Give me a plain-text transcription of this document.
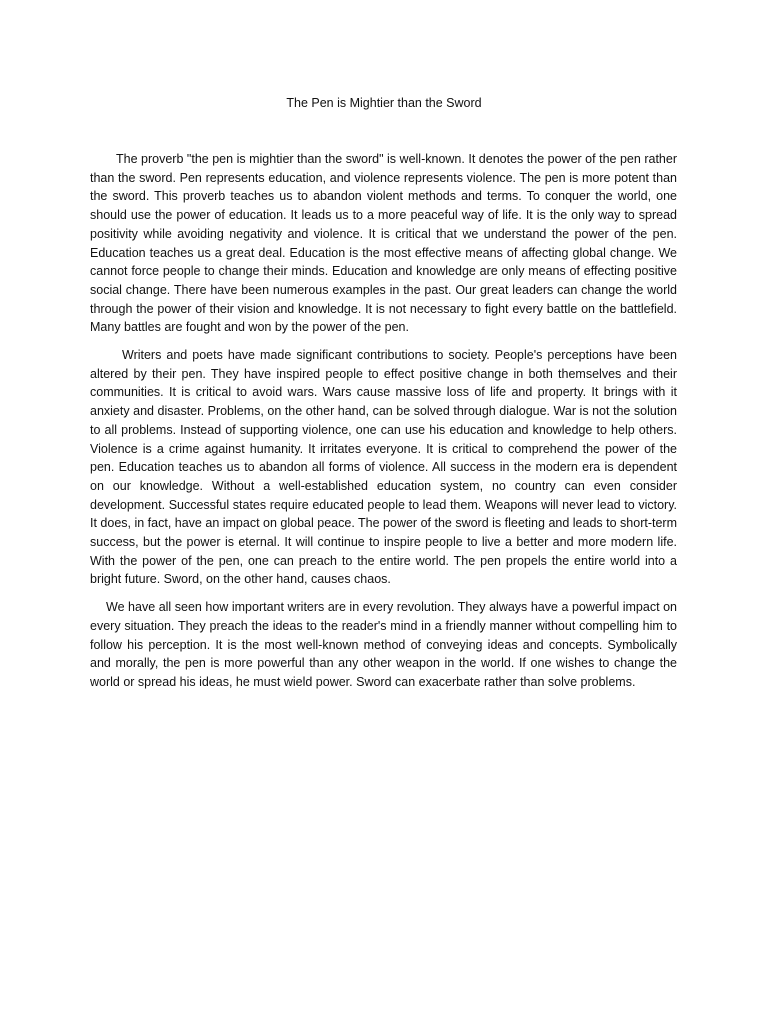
The Pen is Mightier than the Sword

The proverb "the pen is mightier than the sword" is well-known. It denotes the power of the pen rather than the sword. Pen represents education, and violence represents violence. The pen is more potent than the sword. This proverb teaches us to abandon violent methods and terms. To conquer the world, one should use the power of education. It leads us to a more peaceful way of life. It is the only way to spread positivity while avoiding negativity and violence. It is critical that we understand the power of the pen. Education teaches us a great deal. Education is the most effective means of affecting global change. We cannot force people to change their minds. Education and knowledge are only means of effecting positive social change. There have been numerous examples in the past. Our great leaders can change the world through the power of their vision and knowledge. It is not necessary to fight every battle on the battlefield. Many battles are fought and won by the power of the pen.

Writers and poets have made significant contributions to society. People's perceptions have been altered by their pen. They have inspired people to effect positive change in both themselves and their communities. It is critical to avoid wars. Wars cause massive loss of life and property. It brings with it anxiety and disaster. Problems, on the other hand, can be solved through dialogue. War is not the solution to all problems. Instead of supporting violence, one can use his education and knowledge to help others. Violence is a crime against humanity. It irritates everyone. It is critical to comprehend the power of the pen. Education teaches us to abandon all forms of violence. All success in the modern era is dependent on our knowledge. Without a well-established education system, no country can even consider development. Successful states require educated people to lead them. Weapons will never lead to victory. It does, in fact, have an impact on global peace. The power of the sword is fleeting and leads to short-term success, but the power is eternal. It will continue to inspire people to live a better and more modern life. With the power of the pen, one can preach to the entire world. The pen propels the entire world into a bright future. Sword, on the other hand, causes chaos.

We have all seen how important writers are in every revolution. They always have a powerful impact on every situation. They preach the ideas to the reader's mind in a friendly manner without compelling him to follow his perception. It is the most well-known method of conveying ideas and concepts. Symbolically and morally, the pen is more powerful than any other weapon in the world. If one wishes to change the world or spread his ideas, he must wield power. Sword can exacerbate rather than solve problems.
